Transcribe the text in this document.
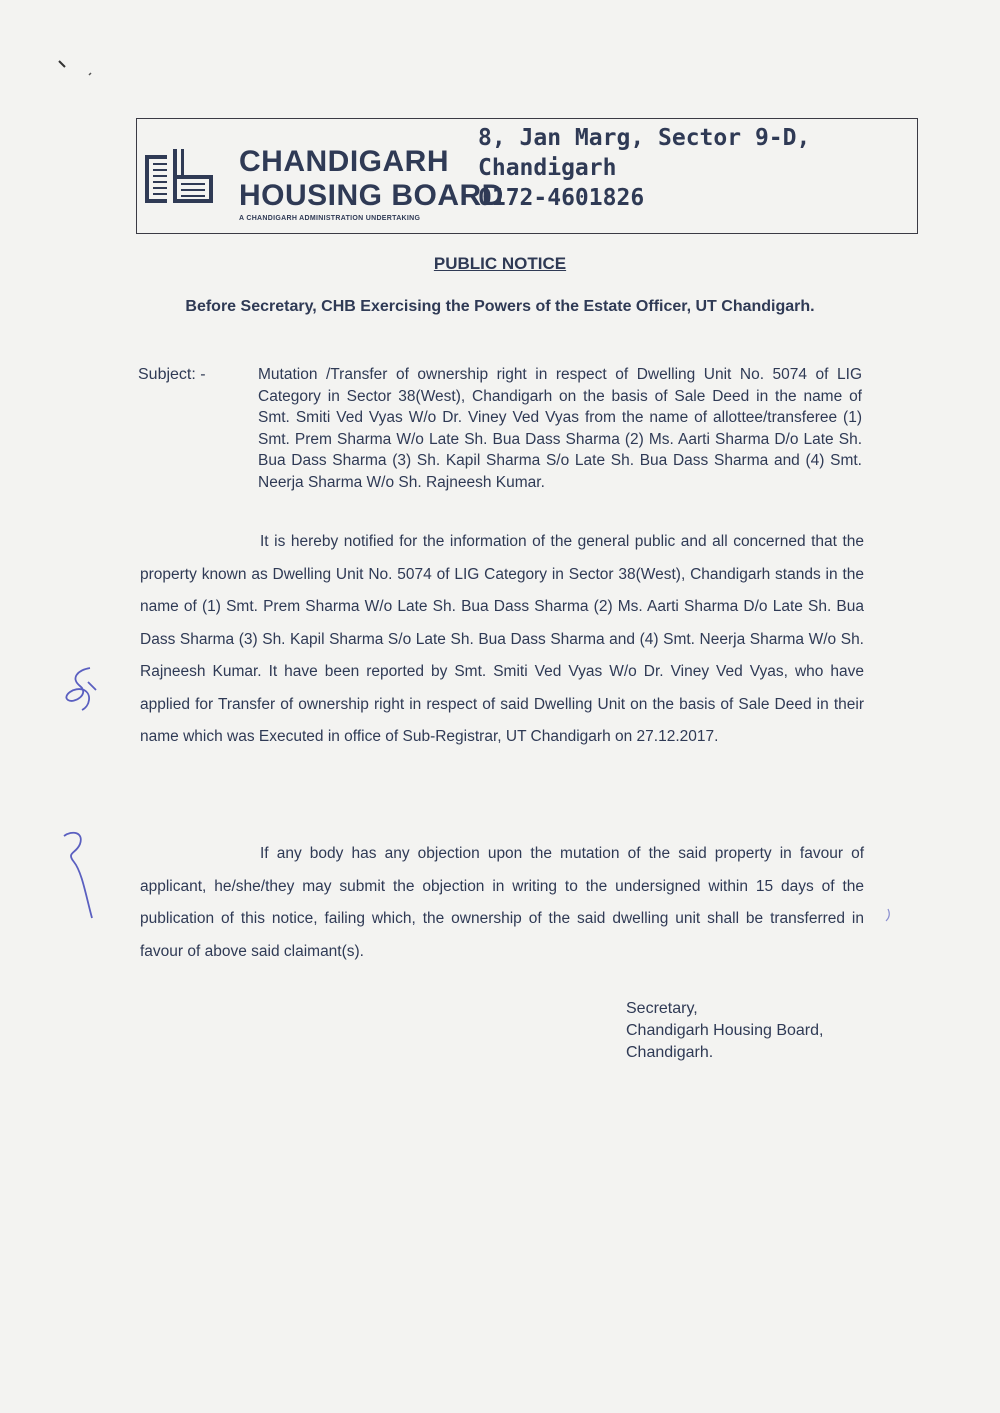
CHANDIGARH
HOUSING BOARD
A CHANDIGARH ADMINISTRATION UNDERTAKING
8, Jan Marg, Sector 9-D,
Chandigarh
0172-4601826
PUBLIC NOTICE
Before Secretary, CHB Exercising the Powers of the Estate Officer, UT Chandigarh.
Subject: -	Mutation /Transfer of ownership right in respect of Dwelling Unit No. 5074 of LIG Category in Sector 38(West), Chandigarh on the basis of Sale Deed in the name of Smt. Smiti Ved Vyas W/o Dr. Viney Ved Vyas from the name of allottee/transferee (1) Smt. Prem Sharma W/o Late Sh. Bua Dass Sharma (2) Ms. Aarti Sharma D/o Late Sh. Bua Dass Sharma (3) Sh. Kapil Sharma S/o Late Sh. Bua Dass Sharma and (4) Smt. Neerja Sharma W/o Sh. Rajneesh Kumar.
It is hereby notified for the information of the general public and all concerned that the property known as Dwelling Unit No. 5074 of LIG Category in Sector 38(West), Chandigarh stands in the name of (1) Smt. Prem Sharma W/o Late Sh. Bua Dass Sharma (2) Ms. Aarti Sharma D/o Late Sh. Bua Dass Sharma (3) Sh. Kapil Sharma S/o Late Sh. Bua Dass Sharma and (4) Smt. Neerja Sharma W/o Sh. Rajneesh Kumar. It have been reported by Smt. Smiti Ved Vyas W/o Dr. Viney Ved Vyas, who have applied for Transfer of ownership right in respect of said Dwelling Unit on the basis of Sale Deed in their name which was Executed in office of Sub-Registrar, UT Chandigarh on 27.12.2017.
If any body has any objection upon the mutation of the said property in favour of applicant, he/she/they may submit the objection in writing to the undersigned within 15 days of the publication of this notice, failing which, the ownership of the said dwelling unit shall be transferred in favour of above said claimant(s).
Secretary,
Chandigarh Housing Board,
Chandigarh.
